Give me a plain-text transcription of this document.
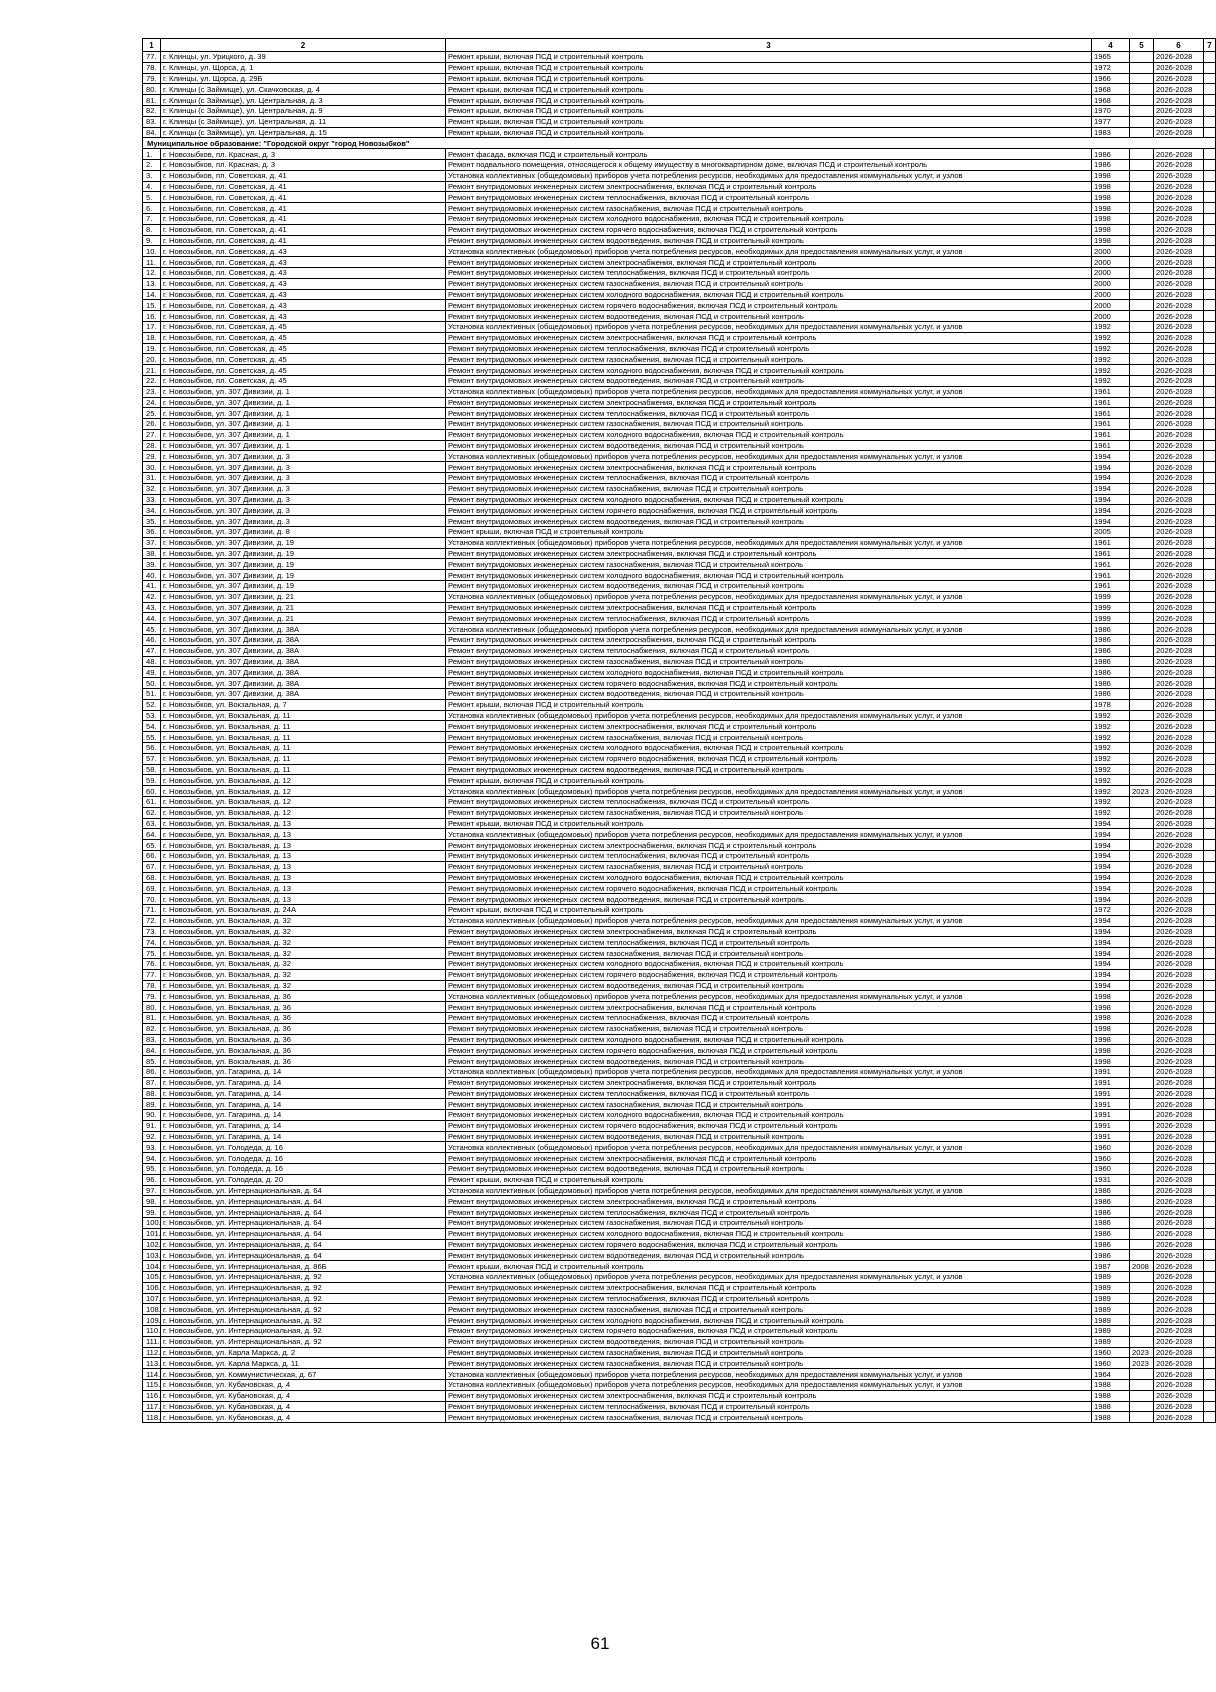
1	2	3	4	5	6	7
77.	г. Клинцы, ул. Урицкого, д. 39	Ремонт крыши, включая ПСД и строительный контроль	1965		2026-2028	
78.	г. Клинцы, ул. Щорса, д. 1	Ремонт крыши, включая ПСД и строительный контроль	1972		2026-2028	
79.	г. Клинцы, ул. Щорса, д. 29Б	Ремонт крыши, включая ПСД и строительный контроль	1966		2026-2028	
80.	г. Клинцы (с Займище), ул. Скачковская, д. 4	Ремонт крыши, включая ПСД и строительный контроль	1968		2026-2028	
81.	г. Клинцы (с Займище), ул. Центральная, д. 3	Ремонт крыши, включая ПСД и строительный контроль	1968		2026-2028	
82.	г. Клинцы (с Займище), ул. Центральная, д. 9	Ремонт крыши, включая ПСД и строительный контроль	1970		2026-2028	
83.	г. Клинцы (с Займище), ул. Центральная, д. 11	Ремонт крыши, включая ПСД и строительный контроль	1977		2026-2028	
84.	г. Клинцы (с Займище), ул. Центральная, д. 15	Ремонт крыши, включая ПСД и строительный контроль	1983		2026-2028	
Муниципальное образование: "Городской округ "город Новозыбков"						
1.	г. Новозыбков, пл. Красная, д. 3	Ремонт фасада, включая ПСД и строительный контроль	1986		2026-2028	
2.	г. Новозыбков, пл. Красная, д. 3	Ремонт подвального помещения, относящегося к общему имуществу в многоквартирном доме, включая ПСД и строительный контроль	1986		2026-2028	
3.	г. Новозыбков, пл. Советская, д. 41	Установка коллективных (общедомовых) приборов учета потребления ресурсов, необходимых для предоставления коммунальных услуг, и узлов	1998		2026-2028	
4.	г. Новозыбков, пл. Советская, д. 41	Ремонт внутридомовых инженерных систем электроснабжения, включая ПСД и строительный контроль	1998		2026-2028	
5.	г. Новозыбков, пл. Советская, д. 41	Ремонт внутридомовых инженерных систем теплоснабжения, включая ПСД и строительный контроль	1998		2026-2028	
6.	г. Новозыбков, пл. Советская, д. 41	Ремонт внутридомовых инженерных систем газоснабжения, включая ПСД и строительный контроль	1998		2026-2028	
7.	г. Новозыбков, пл. Советская, д. 41	Ремонт внутридомовых инженерных систем холодного водоснабжения, включая ПСД и строительный контроль	1998		2026-2028	
8.	г. Новозыбков, пл. Советская, д. 41	Ремонт внутридомовых инженерных систем горячего водоснабжения, включая ПСД и строительный контроль	1998		2026-2028	
9.	г. Новозыбков, пл. Советская, д. 41	Ремонт внутридомовых инженерных систем водоотведения, включая ПСД и строительный контроль	1998		2026-2028	
10.	г. Новозыбков, пл. Советская, д. 43	Установка коллективных (общедомовых) приборов учета потребления ресурсов, необходимых для предоставления коммунальных услуг, и узлов	2000		2026-2028	
11.	г. Новозыбков, пл. Советская, д. 43	Ремонт внутридомовых инженерных систем электроснабжения, включая ПСД и строительный контроль	2000		2026-2028	
12.	г. Новозыбков, пл. Советская, д. 43	Ремонт внутридомовых инженерных систем теплоснабжения, включая ПСД и строительный контроль	2000		2026-2028	
13.	г. Новозыбков, пл. Советская, д. 43	Ремонт внутридомовых инженерных систем газоснабжения, включая ПСД и строительный контроль	2000		2026-2028	
14.	г. Новозыбков, пл. Советская, д. 43	Ремонт внутридомовых инженерных систем холодного водоснабжения, включая ПСД и строительный контроль	2000		2026-2028	
15.	г. Новозыбков, пл. Советская, д. 43	Ремонт внутридомовых инженерных систем горячего водоснабжения, включая ПСД и строительный контроль	2000		2026-2028	
16.	г. Новозыбков, пл. Советская, д. 43	Ремонт внутридомовых инженерных систем водоотведения, включая ПСД и строительный контроль	2000		2026-2028	
17.	г. Новозыбков, пл. Советская, д. 45	Установка коллективных (общедомовых) приборов учета потребления ресурсов, необходимых для предоставления коммунальных услуг, и узлов	1992		2026-2028	
18.	г. Новозыбков, пл. Советская, д. 45	Ремонт внутридомовых инженерных систем электроснабжения, включая ПСД и строительный контроль	1992		2026-2028	
19.	г. Новозыбков, пл. Советская, д. 45	Ремонт внутридомовых инженерных систем теплоснабжения, включая ПСД и строительный контроль	1992		2026-2028	
20.	г. Новозыбков, пл. Советская, д. 45	Ремонт внутридомовых инженерных систем газоснабжения, включая ПСД и строительный контроль	1992		2026-2028	
21.	г. Новозыбков, пл. Советская, д. 45	Ремонт внутридомовых инженерных систем холодного водоснабжения, включая ПСД и строительный контроль	1992		2026-2028	
22.	г. Новозыбков, пл. Советская, д. 45	Ремонт внутридомовых инженерных систем водоотведения, включая ПСД и строительный контроль	1992		2026-2028	
23.	г. Новозыбков, ул. 307 Дивизии, д. 1	Установка коллективных (общедомовых) приборов учета потребления ресурсов, необходимых для предоставления коммунальных услуг, и узлов	1961		2026-2028	
24.	г. Новозыбков, ул. 307 Дивизии, д. 1	Ремонт внутридомовых инженерных систем электроснабжения, включая ПСД и строительный контроль	1961		2026-2028	
25.	г. Новозыбков, ул. 307 Дивизии, д. 1	Ремонт внутридомовых инженерных систем теплоснабжения, включая ПСД и строительный контроль	1961		2026-2028	
26.	г. Новозыбков, ул. 307 Дивизии, д. 1	Ремонт внутридомовых инженерных систем газоснабжения, включая ПСД и строительный контроль	1961		2026-2028	
27.	г. Новозыбков, ул. 307 Дивизии, д. 1	Ремонт внутридомовых инженерных систем холодного водоснабжения, включая ПСД и строительный контроль	1961		2026-2028	
28.	г. Новозыбков, ул. 307 Дивизии, д. 1	Ремонт внутридомовых инженерных систем водоотведения, включая ПСД и строительный контроль	1961		2026-2028	
29.	г. Новозыбков, ул. 307 Дивизии, д. 3	Установка коллективных (общедомовых) приборов учета потребления ресурсов, необходимых для предоставления коммунальных услуг, и узлов	1994		2026-2028	
30.	г. Новозыбков, ул. 307 Дивизии, д. 3	Ремонт внутридомовых инженерных систем электроснабжения, включая ПСД и строительный контроль	1994		2026-2028	
31.	г. Новозыбков, ул. 307 Дивизии, д. 3	Ремонт внутридомовых инженерных систем теплоснабжения, включая ПСД и строительный контроль	1994		2026-2028	
32.	г. Новозыбков, ул. 307 Дивизии, д. 3	Ремонт внутридомовых инженерных систем газоснабжения, включая ПСД и строительный контроль	1994		2026-2028	
33.	г. Новозыбков, ул. 307 Дивизии, д. 3	Ремонт внутридомовых инженерных систем холодного водоснабжения, включая ПСД и строительный контроль	1994		2026-2028	
34.	г. Новозыбков, ул. 307 Дивизии, д. 3	Ремонт внутридомовых инженерных систем горячего водоснабжения, включая ПСД и строительный контроль	1994		2026-2028	
35.	г. Новозыбков, ул. 307 Дивизии, д. 3	Ремонт внутридомовых инженерных систем водоотведения, включая ПСД и строительный контроль	1994		2026-2028	
36.	г. Новозыбков, ул. 307 Дивизии, д. 8	Ремонт крыши, включая ПСД и строительный контроль	2005		2026-2028	
37.	г. Новозыбков, ул. 307 Дивизии, д. 19	Установка коллективных (общедомовых) приборов учета потребления ресурсов, необходимых для предоставления коммунальных услуг, и узлов	1961		2026-2028	
38.	г. Новозыбков, ул. 307 Дивизии, д. 19	Ремонт внутридомовых инженерных систем электроснабжения, включая ПСД и строительный контроль	1961		2026-2028	
39.	г. Новозыбков, ул. 307 Дивизии, д. 19	Ремонт внутридомовых инженерных систем газоснабжения, включая ПСД и строительный контроль	1961		2026-2028	
40.	г. Новозыбков, ул. 307 Дивизии, д. 19	Ремонт внутридомовых инженерных систем холодного водоснабжения, включая ПСД и строительный контроль	1961		2026-2028	
41.	г. Новозыбков, ул. 307 Дивизии, д. 19	Ремонт внутридомовых инженерных систем водоотведения, включая ПСД и строительный контроль	1961		2026-2028	
42.	г. Новозыбков, ул. 307 Дивизии, д. 21	Установка коллективных (общедомовых) приборов учета потребления ресурсов, необходимых для предоставления коммунальных услуг, и узлов	1999		2026-2028	
43.	г. Новозыбков, ул. 307 Дивизии, д. 21	Ремонт внутридомовых инженерных систем электроснабжения, включая ПСД и строительный контроль	1999		2026-2028	
44.	г. Новозыбков, ул. 307 Дивизии, д. 21	Ремонт внутридомовых инженерных систем теплоснабжения, включая ПСД и строительный контроль	1999		2026-2028	
45.	г. Новозыбков, ул. 307 Дивизии, д. 38А	Установка коллективных (общедомовых) приборов учета потребления ресурсов, необходимых для предоставления коммунальных услуг, и узлов	1986		2026-2028	
46.	г. Новозыбков, ул. 307 Дивизии, д. 38А	Ремонт внутридомовых инженерных систем электроснабжения, включая ПСД и строительный контроль	1986		2026-2028	
47.	г. Новозыбков, ул. 307 Дивизии, д. 38А	Ремонт внутридомовых инженерных систем теплоснабжения, включая ПСД и строительный контроль	1986		2026-2028	
48.	г. Новозыбков, ул. 307 Дивизии, д. 38А	Ремонт внутридомовых инженерных систем газоснабжения, включая ПСД и строительный контроль	1986		2026-2028	
49.	г. Новозыбков, ул. 307 Дивизии, д. 38А	Ремонт внутридомовых инженерных систем холодного водоснабжения, включая ПСД и строительный контроль	1986		2026-2028	
50.	г. Новозыбков, ул. 307 Дивизии, д. 38А	Ремонт внутридомовых инженерных систем горячего водоснабжения, включая ПСД и строительный контроль	1986		2026-2028	
51.	г. Новозыбков, ул. 307 Дивизии, д. 38А	Ремонт внутридомовых инженерных систем водоотведения, включая ПСД и строительный контроль	1986		2026-2028	
52.	г. Новозыбков, ул. Вокзальная, д. 7	Ремонт крыши, включая ПСД и строительный контроль	1978		2026-2028	
53.	г. Новозыбков, ул. Вокзальная, д. 11	Установка коллективных (общедомовых) приборов учета потребления ресурсов, необходимых для предоставления коммунальных услуг, и узлов	1992		2026-2028	
54.	г. Новозыбков, ул. Вокзальная, д. 11	Ремонт внутридомовых инженерных систем электроснабжения, включая ПСД и строительный контроль	1992		2026-2028	
55.	г. Новозыбков, ул. Вокзальная, д. 11	Ремонт внутридомовых инженерных систем газоснабжения, включая ПСД и строительный контроль	1992		2026-2028	
56.	г. Новозыбков, ул. Вокзальная, д. 11	Ремонт внутридомовых инженерных систем холодного водоснабжения, включая ПСД и строительный контроль	1992		2026-2028	
57.	г. Новозыбков, ул. Вокзальная, д. 11	Ремонт внутридомовых инженерных систем горячего водоснабжения, включая ПСД и строительный контроль	1992		2026-2028	
58.	г. Новозыбков, ул. Вокзальная, д. 11	Ремонт внутридомовых инженерных систем водоотведения, включая ПСД и строительный контроль	1992		2026-2028	
59.	г. Новозыбков, ул. Вокзальная, д. 12	Ремонт крыши, включая ПСД и строительный контроль	1992		2026-2028	
60.	г. Новозыбков, ул. Вокзальная, д. 12	Установка коллективных (общедомовых) приборов учета потребления ресурсов, необходимых для предоставления коммунальных услуг, и узлов	1992	2023	2026-2028	
61.	г. Новозыбков, ул. Вокзальная, д. 12	Ремонт внутридомовых инженерных систем теплоснабжения, включая ПСД и строительный контроль	1992		2026-2028	
62.	г. Новозыбков, ул. Вокзальная, д. 12	Ремонт внутридомовых инженерных систем газоснабжения, включая ПСД и строительный контроль	1992		2026-2028	
63.	г. Новозыбков, ул. Вокзальная, д. 13	Ремонт крыши, включая ПСД и строительный контроль	1994		2026-2028	
64.	г. Новозыбков, ул. Вокзальная, д. 13	Установка коллективных (общедомовых) приборов учета потребления ресурсов, необходимых для предоставления коммунальных услуг, и узлов	1994		2026-2028	
65.	г. Новозыбков, ул. Вокзальная, д. 13	Ремонт внутридомовых инженерных систем электроснабжения, включая ПСД и строительный контроль	1994		2026-2028	
66.	г. Новозыбков, ул. Вокзальная, д. 13	Ремонт внутридомовых инженерных систем теплоснабжения, включая ПСД и строительный контроль	1994		2026-2028	
67.	г. Новозыбков, ул. Вокзальная, д. 13	Ремонт внутридомовых инженерных систем газоснабжения, включая ПСД и строительный контроль	1994		2026-2028	
68.	г. Новозыбков, ул. Вокзальная, д. 13	Ремонт внутридомовых инженерных систем холодного водоснабжения, включая ПСД и строительный контроль	1994		2026-2028	
69.	г. Новозыбков, ул. Вокзальная, д. 13	Ремонт внутридомовых инженерных систем горячего водоснабжения, включая ПСД и строительный контроль	1994		2026-2028	
70.	г. Новозыбков, ул. Вокзальная, д. 13	Ремонт внутридомовых инженерных систем водоотведения, включая ПСД и строительный контроль	1994		2026-2028	
71.	г. Новозыбков, ул. Вокзальная, д. 24А	Ремонт крыши, включая ПСД и строительный контроль	1972		2026-2028	
72.	г. Новозыбков, ул. Вокзальная, д. 32	Установка коллективных (общедомовых) приборов учета потребления ресурсов, необходимых для предоставления коммунальных услуг, и узлов	1994		2026-2028	
73.	г. Новозыбков, ул. Вокзальная, д. 32	Ремонт внутридомовых инженерных систем электроснабжения, включая ПСД и строительный контроль	1994		2026-2028	
74.	г. Новозыбков, ул. Вокзальная, д. 32	Ремонт внутридомовых инженерных систем теплоснабжения, включая ПСД и строительный контроль	1994		2026-2028	
75.	г. Новозыбков, ул. Вокзальная, д. 32	Ремонт внутридомовых инженерных систем газоснабжения, включая ПСД и строительный контроль	1994		2026-2028	
76.	г. Новозыбков, ул. Вокзальная, д. 32	Ремонт внутридомовых инженерных систем холодного водоснабжения, включая ПСД и строительный контроль	1994		2026-2028	
77.	г. Новозыбков, ул. Вокзальная, д. 32	Ремонт внутридомовых инженерных систем горячего водоснабжения, включая ПСД и строительный контроль	1994		2026-2028	
78.	г. Новозыбков, ул. Вокзальная, д. 32	Ремонт внутридомовых инженерных систем водоотведения, включая ПСД и строительный контроль	1994		2026-2028	
79.	г. Новозыбков, ул. Вокзальная, д. 36	Установка коллективных (общедомовых) приборов учета потребления ресурсов, необходимых для предоставления коммунальных услуг, и узлов	1998		2026-2028	
80.	г. Новозыбков, ул. Вокзальная, д. 36	Ремонт внутридомовых инженерных систем электроснабжения, включая ПСД и строительный контроль	1998		2026-2028	
81.	г. Новозыбков, ул. Вокзальная, д. 36	Ремонт внутридомовых инженерных систем теплоснабжения, включая ПСД и строительный контроль	1998		2026-2028	
82.	г. Новозыбков, ул. Вокзальная, д. 36	Ремонт внутридомовых инженерных систем газоснабжения, включая ПСД и строительный контроль	1998		2026-2028	
83.	г. Новозыбков, ул. Вокзальная, д. 36	Ремонт внутридомовых инженерных систем холодного водоснабжения, включая ПСД и строительный контроль	1998		2026-2028	
84.	г. Новозыбков, ул. Вокзальная, д. 36	Ремонт внутридомовых инженерных систем горячего водоснабжения, включая ПСД и строительный контроль	1998		2026-2028	
85.	г. Новозыбков, ул. Вокзальная, д. 36	Ремонт внутридомовых инженерных систем водоотведения, включая ПСД и строительный контроль	1998		2026-2028	
86.	г. Новозыбков, ул. Гагарина, д. 14	Установка коллективных (общедомовых) приборов учета потребления ресурсов, необходимых для предоставления коммунальных услуг, и узлов	1991		2026-2028	
87.	г. Новозыбков, ул. Гагарина, д. 14	Ремонт внутридомовых инженерных систем электроснабжения, включая ПСД и строительный контроль	1991		2026-2028	
88.	г. Новозыбков, ул. Гагарина, д. 14	Ремонт внутридомовых инженерных систем теплоснабжения, включая ПСД и строительный контроль	1991		2026-2028	
89.	г. Новозыбков, ул. Гагарина, д. 14	Ремонт внутридомовых инженерных систем газоснабжения, включая ПСД и строительный контроль	1991		2026-2028	
90.	г. Новозыбков, ул. Гагарина, д. 14	Ремонт внутридомовых инженерных систем холодного водоснабжения, включая ПСД и строительный контроль	1991		2026-2028	
91.	г. Новозыбков, ул. Гагарина, д. 14	Ремонт внутридомовых инженерных систем горячего водоснабжения, включая ПСД и строительный контроль	1991		2026-2028	
92.	г. Новозыбков, ул. Гагарина, д. 14	Ремонт внутридомовых инженерных систем водоотведения, включая ПСД и строительный контроль	1991		2026-2028	
93.	г. Новозыбков, ул. Голодеда, д. 16	Установка коллективных (общедомовых) приборов учета потребления ресурсов, необходимых для предоставления коммунальных услуг, и узлов	1960		2026-2028	
94.	г. Новозыбков, ул. Голодеда, д. 16	Ремонт внутридомовых инженерных систем электроснабжения, включая ПСД и строительный контроль	1960		2026-2028	
95.	г. Новозыбков, ул. Голодеда, д. 16	Ремонт внутридомовых инженерных систем водоотведения, включая ПСД и строительный контроль	1960		2026-2028	
96.	г. Новозыбков, ул. Голодеда, д. 20	Ремонт крыши, включая ПСД и строительный контроль	1931		2026-2028	
97.	г. Новозыбков, ул. Интернациональная, д. 64	Установка коллективных (общедомовых) приборов учета потребления ресурсов, необходимых для предоставления коммунальных услуг, и узлов	1986		2026-2028	
98.	г. Новозыбков, ул. Интернациональная, д. 64	Ремонт внутридомовых инженерных систем электроснабжения, включая ПСД и строительный контроль	1986		2026-2028	
99.	г. Новозыбков, ул. Интернациональная, д. 64	Ремонт внутридомовых инженерных систем теплоснабжения, включая ПСД и строительный контроль	1986		2026-2028	
100.	г. Новозыбков, ул. Интернациональная, д. 64	Ремонт внутридомовых инженерных систем газоснабжения, включая ПСД и строительный контроль	1986		2026-2028	
101.	г. Новозыбков, ул. Интернациональная, д. 64	Ремонт внутридомовых инженерных систем холодного водоснабжения, включая ПСД и строительный контроль	1986		2026-2028	
102.	г. Новозыбков, ул. Интернациональная, д. 64	Ремонт внутридомовых инженерных систем горячего водоснабжения, включая ПСД и строительный контроль	1986		2026-2028	
103.	г. Новозыбков, ул. Интернациональная, д. 64	Ремонт внутридомовых инженерных систем водоотведения, включая ПСД и строительный контроль	1986		2026-2028	
104.	г. Новозыбков, ул. Интернациональная, д. 86Б	Ремонт крыши, включая ПСД и строительный контроль	1987	2008	2026-2028	
105.	г. Новозыбков, ул. Интернациональная, д. 92	Установка коллективных (общедомовых) приборов учета потребления ресурсов, необходимых для предоставления коммунальных услуг, и узлов	1989		2026-2028	
106.	г. Новозыбков, ул. Интернациональная, д. 92	Ремонт внутридомовых инженерных систем электроснабжения, включая ПСД и строительный контроль	1989		2026-2028	
107.	г. Новозыбков, ул. Интернациональная, д. 92	Ремонт внутридомовых инженерных систем теплоснабжения, включая ПСД и строительный контроль	1989		2026-2028	
108.	г. Новозыбков, ул. Интернациональная, д. 92	Ремонт внутридомовых инженерных систем газоснабжения, включая ПСД и строительный контроль	1989		2026-2028	
109.	г. Новозыбков, ул. Интернациональная, д. 92	Ремонт внутридомовых инженерных систем холодного водоснабжения, включая ПСД и строительный контроль	1989		2026-2028	
110.	г. Новозыбков, ул. Интернациональная, д. 92	Ремонт внутридомовых инженерных систем горячего водоснабжения, включая ПСД и строительный контроль	1989		2026-2028	
111.	г. Новозыбков, ул. Интернациональная, д. 92	Ремонт внутридомовых инженерных систем водоотведения, включая ПСД и строительный контроль	1989		2026-2028	
112.	г. Новозыбков, ул. Карла Маркса, д. 2	Ремонт внутридомовых инженерных систем газоснабжения, включая ПСД и строительный контроль	1960	2023	2026-2028	
113.	г. Новозыбков, ул. Карла Маркса, д. 11	Ремонт внутридомовых инженерных систем газоснабжения, включая ПСД и строительный контроль	1960	2023	2026-2028	
114.	г. Новозыбков, ул. Коммунистическая, д. 67	Установка коллективных (общедомовых) приборов учета потребления ресурсов, необходимых для предоставления коммунальных услуг, и узлов	1964		2026-2028	
115.	г. Новозыбков, ул. Кубановская, д. 4	Установка коллективных (общедомовых) приборов учета потребления ресурсов, необходимых для предоставления коммунальных услуг, и узлов	1988		2026-2028	
116.	г. Новозыбков, ул. Кубановская, д. 4	Ремонт внутридомовых инженерных систем электроснабжения, включая ПСД и строительный контроль	1988		2026-2028	
117.	г. Новозыбков, ул. Кубановская, д. 4	Ремонт внутридомовых инженерных систем теплоснабжения, включая ПСД и строительный контроль	1988		2026-2028	
118.	г. Новозыбков, ул. Кубановская, д. 4	Ремонт внутридомовых инженерных систем газоснабжения, включая ПСД и строительный контроль	1988		2026-2028	
61
